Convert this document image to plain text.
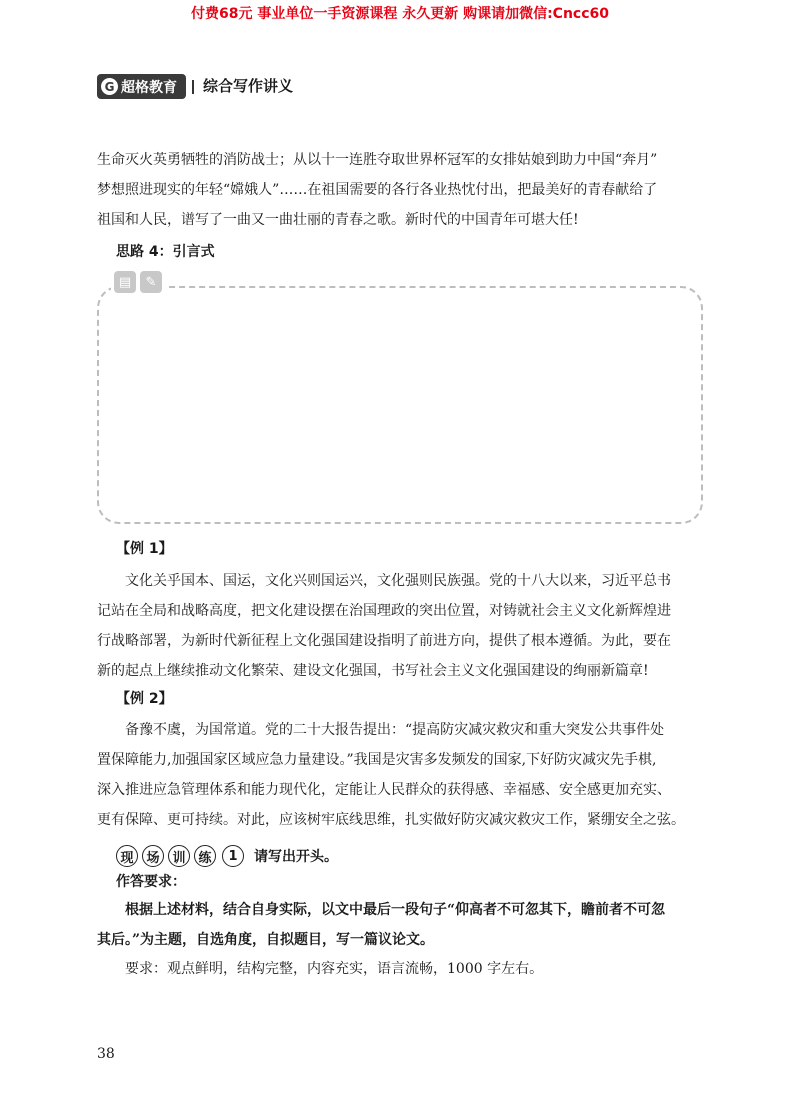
付费68元 事业单位一手资源课程 永久更新 购课请加微信:Cncc60
G 超格教育 综合写作讲义
生命灭火英勇牺牲的消防战士；从以十一连胜夺取世界杯冠军的女排姑娘到助力中国“奔月”
梦想照进现实的年轻“嫦娥人”……在祖国需要的各行各业热忱付出，把最美好的青春献给了
祖国和人民，谱写了一曲又一曲壮丽的青春之歌。新时代的中国青年可堪大任!
思路 4：引言式
▤	✎
【例 1】
文化关乎国本、国运，文化兴则国运兴，文化强则民族强。党的十八大以来，习近平总书
记站在全局和战略高度，把文化建设摆在治国理政的突出位置，对铸就社会主义文化新辉煌进
行战略部署，为新时代新征程上文化强国建设指明了前进方向，提供了根本遵循。为此，要在
新的起点上继续推动文化繁荣、建设文化强国，书写社会主义文化强国建设的绚丽新篇章!
【例 2】
备豫不虞，为国常道。党的二十大报告提出：“提高防灾减灾救灾和重大突发公共事件处
置保障能力,加强国家区域应急力量建设。”我国是灾害多发频发的国家,下好防灾减灾先手棋,
深入推进应急管理体系和能力现代化，定能让人民群众的获得感、幸福感、安全感更加充实、
更有保障、更可持续。对此，应该树牢底线思维，扎实做好防灾减灾救灾工作，紧绷安全之弦。
现 场 训 练	1	请写出开头。
作答要求：
根据上述材料，结合自身实际，以文中最后一段句子“仰高者不可忽其下，瞻前者不可忽
其后。”为主题，自选角度，自拟题目，写一篇议论文。
要求：观点鲜明，结构完整，内容充实，语言流畅，1000 字左右。
38
